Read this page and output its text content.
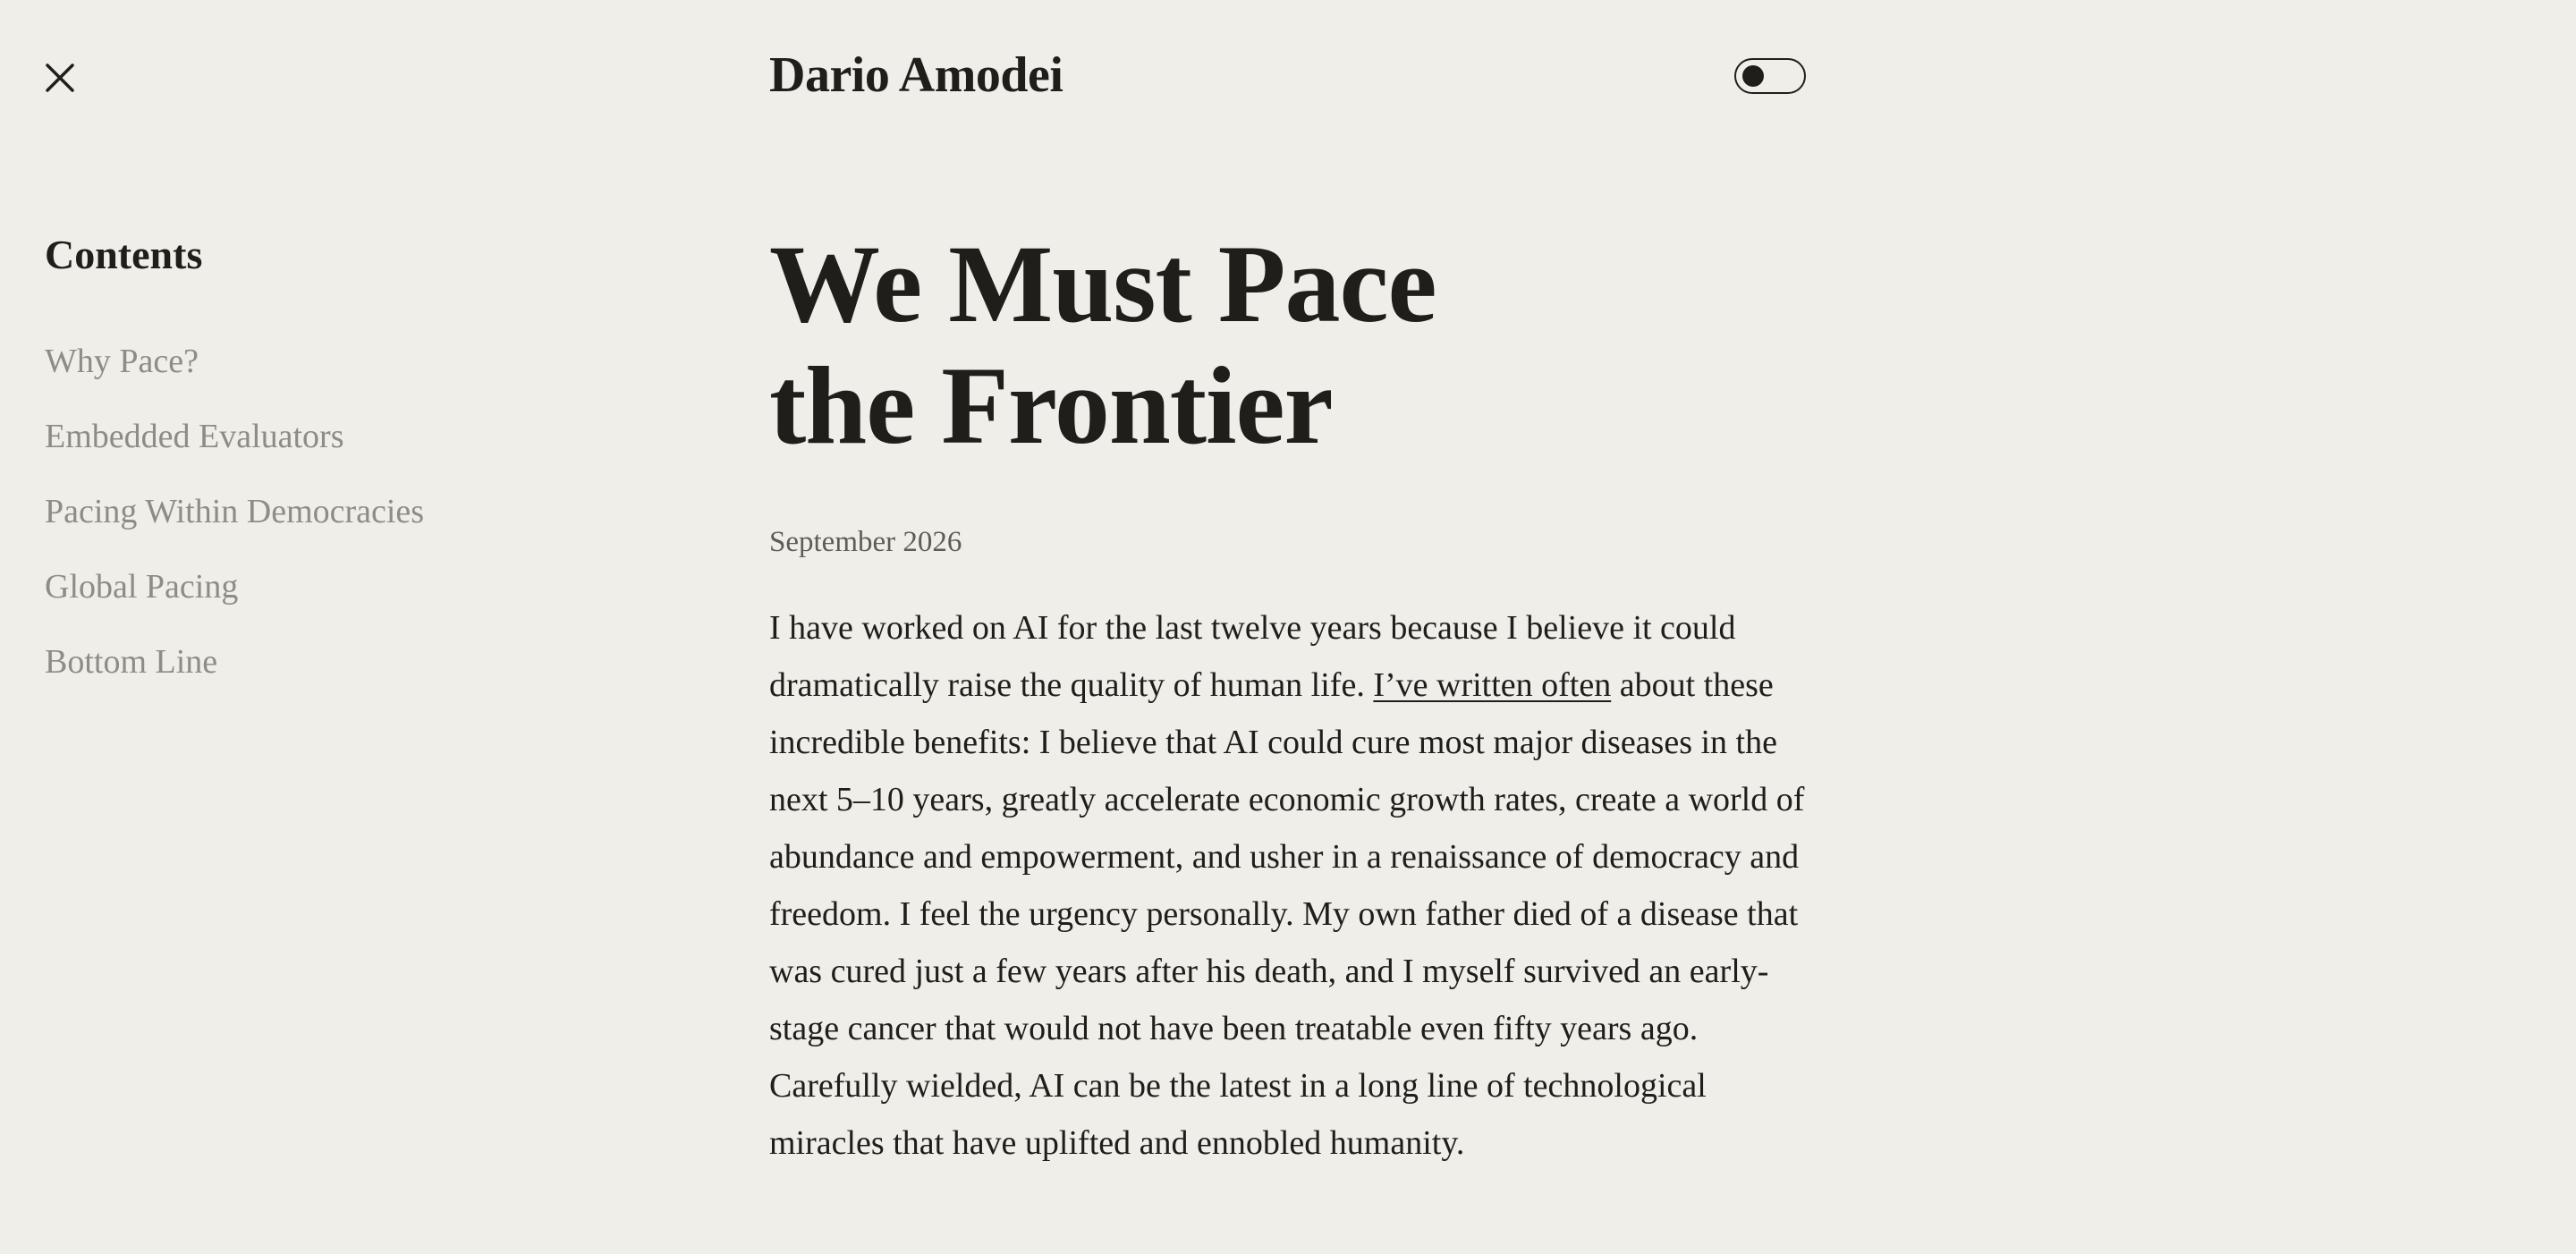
Dario Amodei
Contents
Why Pace?
Embedded Evaluators
Pacing Within Democracies
Global Pacing
Bottom Line
We Must Pace
the Frontier
September 2026

I have worked on AI for the last twelve years because I believe it could dramatically raise the quality of human life. I’ve written often about these incredible benefits: I believe that AI could cure most major diseases in the next 5–10 years, greatly accelerate economic growth rates, create a world of abundance and empowerment, and usher in a renaissance of democracy and freedom. I feel the urgency personally. My own father died of a disease that was cured just a few years after his death, and I myself survived an early-stage cancer that would not have been treatable even fifty years ago. Carefully wielded, AI can be the latest in a long line of technological miracles that have uplifted and ennobled humanity.
